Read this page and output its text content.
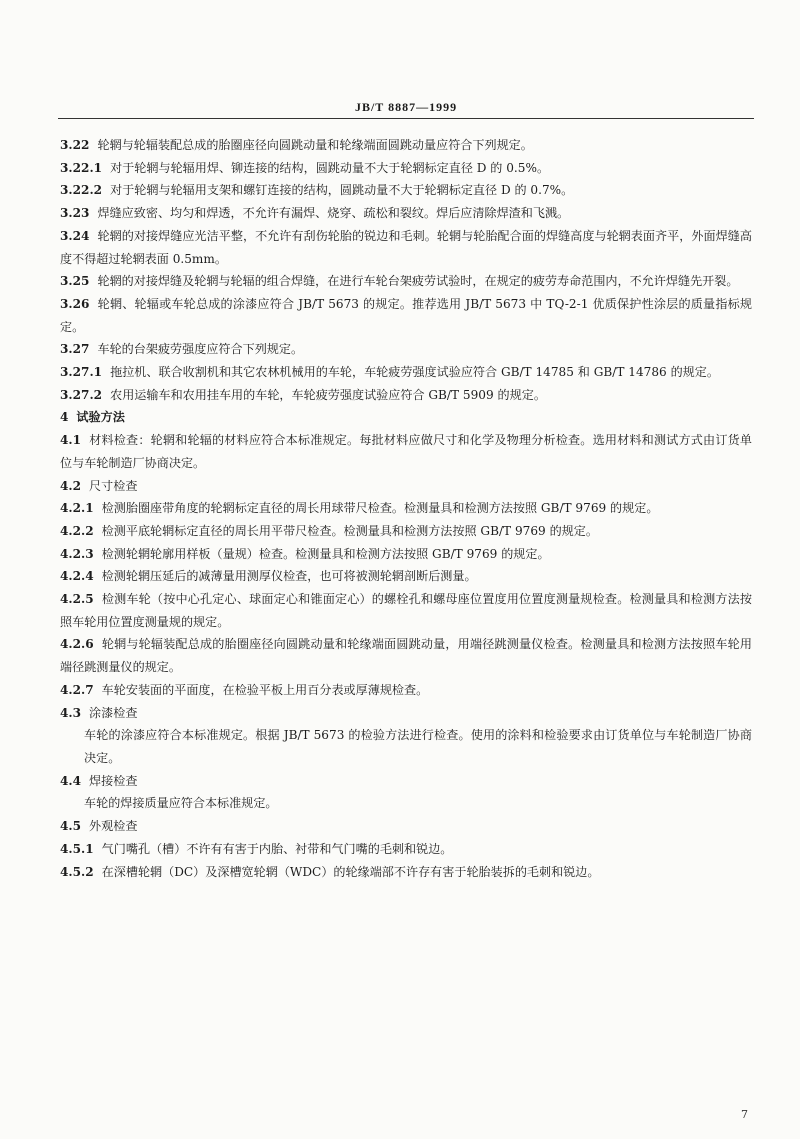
JB/T 8887—1999

3.22 轮辋与轮辐装配总成的胎圈座径向圆跳动量和轮缘端面圆跳动量应符合下列规定。

3.22.1 对于轮辋与轮辐用焊、铆连接的结构，圆跳动量不大于轮辋标定直径 D 的 0.5%。

3.22.2 对于轮辋与轮辐用支架和螺钉连接的结构，圆跳动量不大于轮辋标定直径 D 的 0.7%。

3.23 焊缝应致密、均匀和焊透，不允许有漏焊、烧穿、疏松和裂纹。焊后应清除焊渣和飞溅。

3.24 轮辋的对接焊缝应光洁平整，不允许有刮伤轮胎的锐边和毛刺。轮辋与轮胎配合面的焊缝高度与轮辋表面齐平，外面焊缝高度不得超过轮辋表面 0.5mm。

3.25 轮辋的对接焊缝及轮辋与轮辐的组合焊缝，在进行车轮台架疲劳试验时，在规定的疲劳寿命范围内，不允许焊缝先开裂。

3.26 轮辋、轮辐或车轮总成的涂漆应符合 JB/T 5673 的规定。推荐选用 JB/T 5673 中 TQ-2-1 优质保护性涂层的质量指标规定。

3.27 车轮的台架疲劳强度应符合下列规定。

3.27.1 拖拉机、联合收割机和其它农林机械用的车轮，车轮疲劳强度试验应符合 GB/T 14785 和 GB/T 14786 的规定。

3.27.2 农用运输车和农用挂车用的车轮，车轮疲劳强度试验应符合 GB/T 5909 的规定。

4 试验方法

4.1 材料检查：轮辋和轮辐的材料应符合本标准规定。每批材料应做尺寸和化学及物理分析检查。选用材料和测试方式由订货单位与车轮制造厂协商决定。

4.2 尺寸检查

4.2.1 检测胎圈座带角度的轮辋标定直径的周长用球带尺检查。检测量具和检测方法按照 GB/T 9769 的规定。

4.2.2 检测平底轮辋标定直径的周长用平带尺检查。检测量具和检测方法按照 GB/T 9769 的规定。

4.2.3 检测轮辋轮廓用样板（量规）检查。检测量具和检测方法按照 GB/T 9769 的规定。

4.2.4 检测轮辋压延后的减薄量用测厚仪检查，也可将被测轮辋剖断后测量。

4.2.5 检测车轮（按中心孔定心、球面定心和锥面定心）的螺栓孔和螺母座位置度用位置度测量规检查。检测量具和检测方法按照车轮用位置度测量规的规定。

4.2.6 轮辋与轮辐装配总成的胎圈座径向圆跳动量和轮缘端面圆跳动量，用端径跳测量仪检查。检测量具和检测方法按照车轮用端径跳测量仪的规定。

4.2.7 车轮安装面的平面度，在检验平板上用百分表或厚薄规检查。

4.3 涂漆检查

车轮的涂漆应符合本标准规定。根据 JB/T 5673 的检验方法进行检查。使用的涂料和检验要求由订货单位与车轮制造厂协商决定。

4.4 焊接检查

车轮的焊接质量应符合本标准规定。

4.5 外观检查

4.5.1 气门嘴孔（槽）不许有有害于内胎、衬带和气门嘴的毛刺和锐边。

4.5.2 在深槽轮辋（DC）及深槽宽轮辋（WDC）的轮缘端部不许存有害于轮胎装拆的毛刺和锐边。

7
